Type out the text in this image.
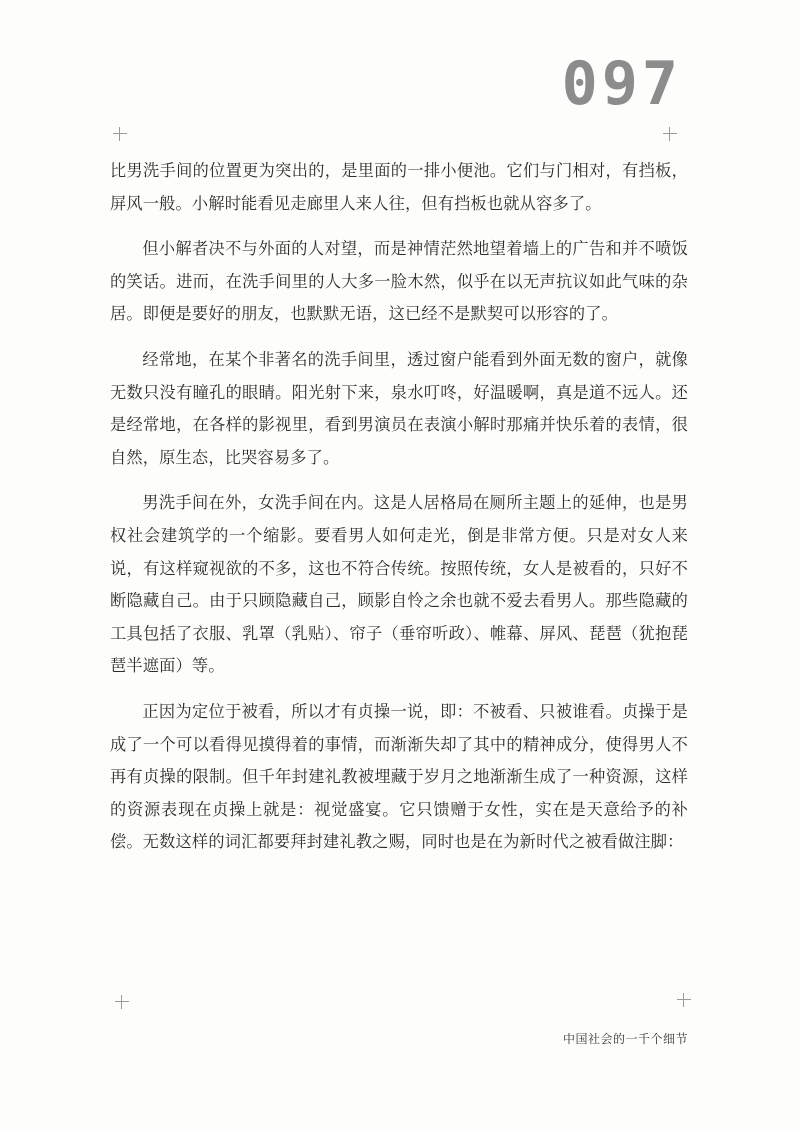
097

比男洗手间的位置更为突出的，是里面的一排小便池。它们与门相对，有挡板，屏风一般。小解时能看见走廊里人来人往，但有挡板也就从容多了。

但小解者决不与外面的人对望，而是神情茫然地望着墙上的广告和并不喷饭的笑话。进而，在洗手间里的人大多一脸木然，似乎在以无声抗议如此气味的杂居。即便是要好的朋友，也默默无语，这已经不是默契可以形容的了。

经常地，在某个非著名的洗手间里，透过窗户能看到外面无数的窗户，就像无数只没有瞳孔的眼睛。阳光射下来，泉水叮咚，好温暖啊，真是道不远人。还是经常地，在各样的影视里，看到男演员在表演小解时那痛并快乐着的表情，很自然，原生态，比哭容易多了。

男洗手间在外，女洗手间在内。这是人居格局在厕所主题上的延伸，也是男权社会建筑学的一个缩影。要看男人如何走光，倒是非常方便。只是对女人来说，有这样窥视欲的不多，这也不符合传统。按照传统，女人是被看的，只好不断隐藏自己。由于只顾隐藏自己，顾影自怜之余也就不爱去看男人。那些隐藏的工具包括了衣服、乳罩（乳贴）、帘子（垂帘听政）、帷幕、屏风、琵琶（犹抱琵琶半遮面）等。

正因为定位于被看，所以才有贞操一说，即：不被看、只被谁看。贞操于是成了一个可以看得见摸得着的事情，而渐渐失却了其中的精神成分，使得男人不再有贞操的限制。但千年封建礼教被埋藏于岁月之地渐渐生成了一种资源，这样的资源表现在贞操上就是：视觉盛宴。它只馈赠于女性，实在是天意给予的补偿。无数这样的词汇都要拜封建礼教之赐，同时也是在为新时代之被看做注脚：

中国社会的一千个细节
